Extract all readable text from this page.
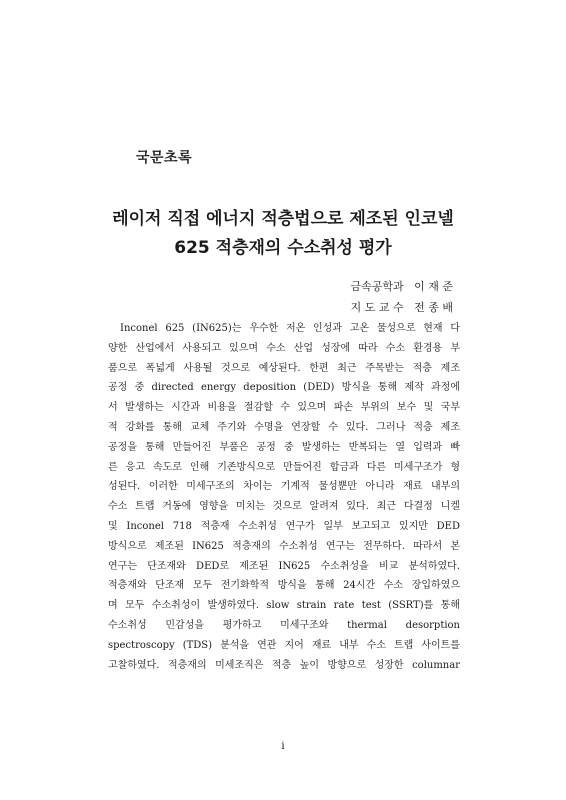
국문초록
레이저 직접 에너지 적층법으로 제조된 인코넬
625 적층재의 수소취성 평가
금속공학과   이 재 준
지 도 교 수   전 종 배
Inconel 625 (IN625)는 우수한 저온 인성과 고온 물성으로 현재 다
양한 산업에서 사용되고 있으며 수소 산업 성장에 따라 수소 환경용 부
품으로 폭넓게 사용될 것으로 예상된다. 한편 최근 주목받는 적층 제조
공정 중 directed energy deposition (DED) 방식을 통해 제작 과정에
서 발생하는 시간과 비용을 절감할 수 있으며 파손 부위의 보수 및 국부
적 강화를 통해 교체 주기와 수명을 연장할 수 있다. 그러나 적층 제조
공정을 통해 만들어진 부품은 공정 중 발생하는 반복되는 열 입력과 빠
른 응고 속도로 인해 기존방식으로 만들어진 합금과 다른 미세구조가 형
성된다. 이러한 미세구조의 차이는 기계적 물성뿐만 아니라 재료 내부의
수소 트랩 거동에 영향을 미치는 것으로 알려져 있다. 최근 다결정 니켈
및 Inconel 718 적층재 수소취성 연구가 일부 보고되고 있지만 DED
방식으로 제조된 IN625 적층재의 수소취성 연구는 전무하다. 따라서 본
연구는 단조재와 DED로 제조된 IN625 수소취성을 비교 분석하였다.
적층재와 단조재 모두 전기화학적 방식을 통해 24시간 수소 장입하였으
며 모두 수소취성이 발생하였다. slow strain rate test (SSRT)를 통해
수소취성 민감성을 평가하고 미세구조와 thermal desorption
spectroscopy (TDS) 분석을 연관 지어 재료 내부 수소 트랩 사이트를
고찰하였다. 적층재의 미세조직은 적층 높이 방향으로 성장한 columnar
i
